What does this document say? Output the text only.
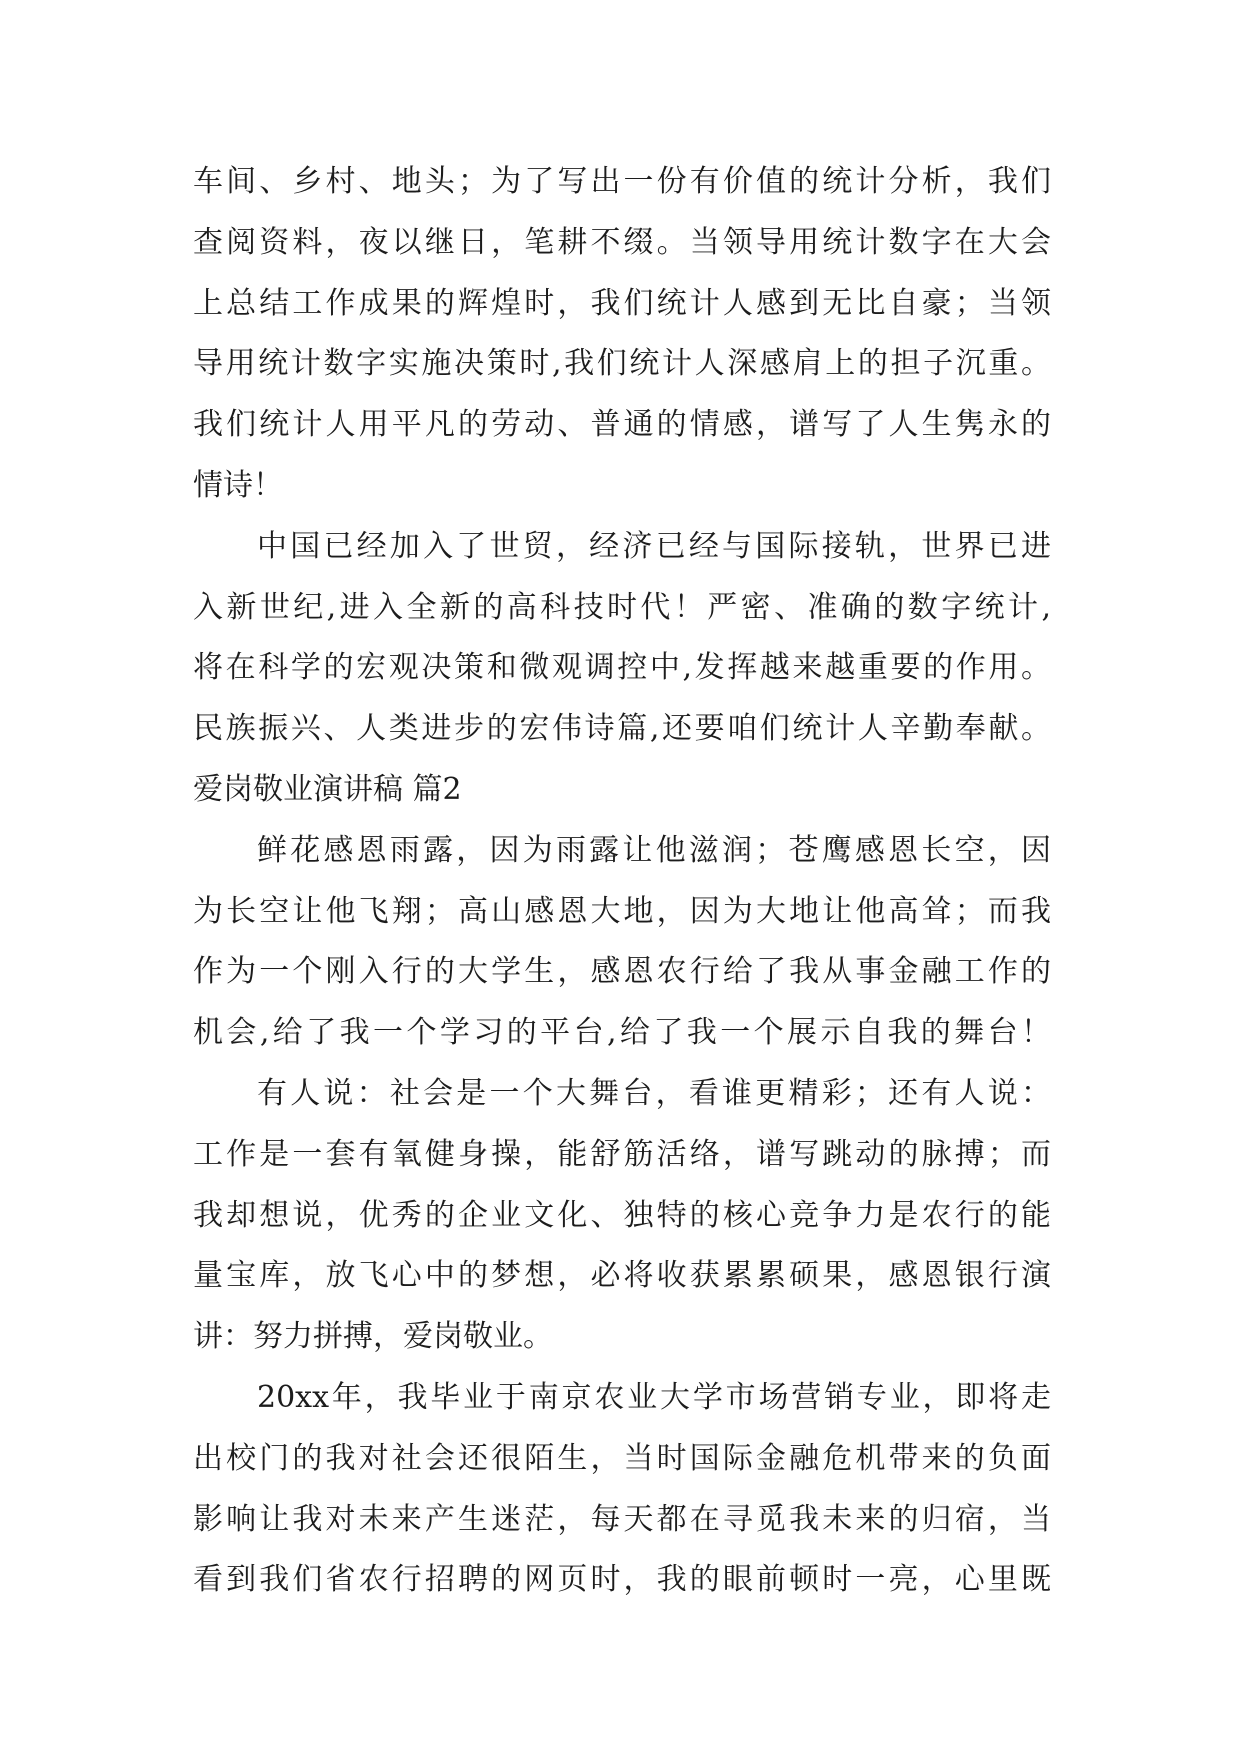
车间、乡村、地头；为了写出一份有价值的统计分析，我们
查阅资料，夜以继日，笔耕不缀。当领导用统计数字在大会
上总结工作成果的辉煌时，我们统计人感到无比自豪；当领
导用统计数字实施决策时,我们统计人深感肩上的担子沉重。
我们统计人用平凡的劳动、普通的情感，谱写了人生隽永的
情诗！
中国已经加入了世贸，经济已经与国际接轨，世界已进
入新世纪,进入全新的高科技时代！严密、准确的数字统计,
将在科学的宏观决策和微观调控中,发挥越来越重要的作用。
民族振兴、人类进步的宏伟诗篇,还要咱们统计人辛勤奉献。
爱岗敬业演讲稿 篇2
鲜花感恩雨露，因为雨露让他滋润；苍鹰感恩长空，因
为长空让他飞翔；高山感恩大地，因为大地让他高耸；而我
作为一个刚入行的大学生，感恩农行给了我从事金融工作的
机会,给了我一个学习的平台,给了我一个展示自我的舞台！
有人说：社会是一个大舞台，看谁更精彩；还有人说：
工作是一套有氧健身操，能舒筋活络，谱写跳动的脉搏；而
我却想说，优秀的企业文化、独特的核心竞争力是农行的能
量宝库，放飞心中的梦想，必将收获累累硕果，感恩银行演
讲：努力拼搏，爱岗敬业。
20xx年，我毕业于南京农业大学市场营销专业，即将走
出校门的我对社会还很陌生，当时国际金融危机带来的负面
影响让我对未来产生迷茫，每天都在寻觅我未来的归宿，当
看到我们省农行招聘的网页时，我的眼前顿时一亮，心里既
